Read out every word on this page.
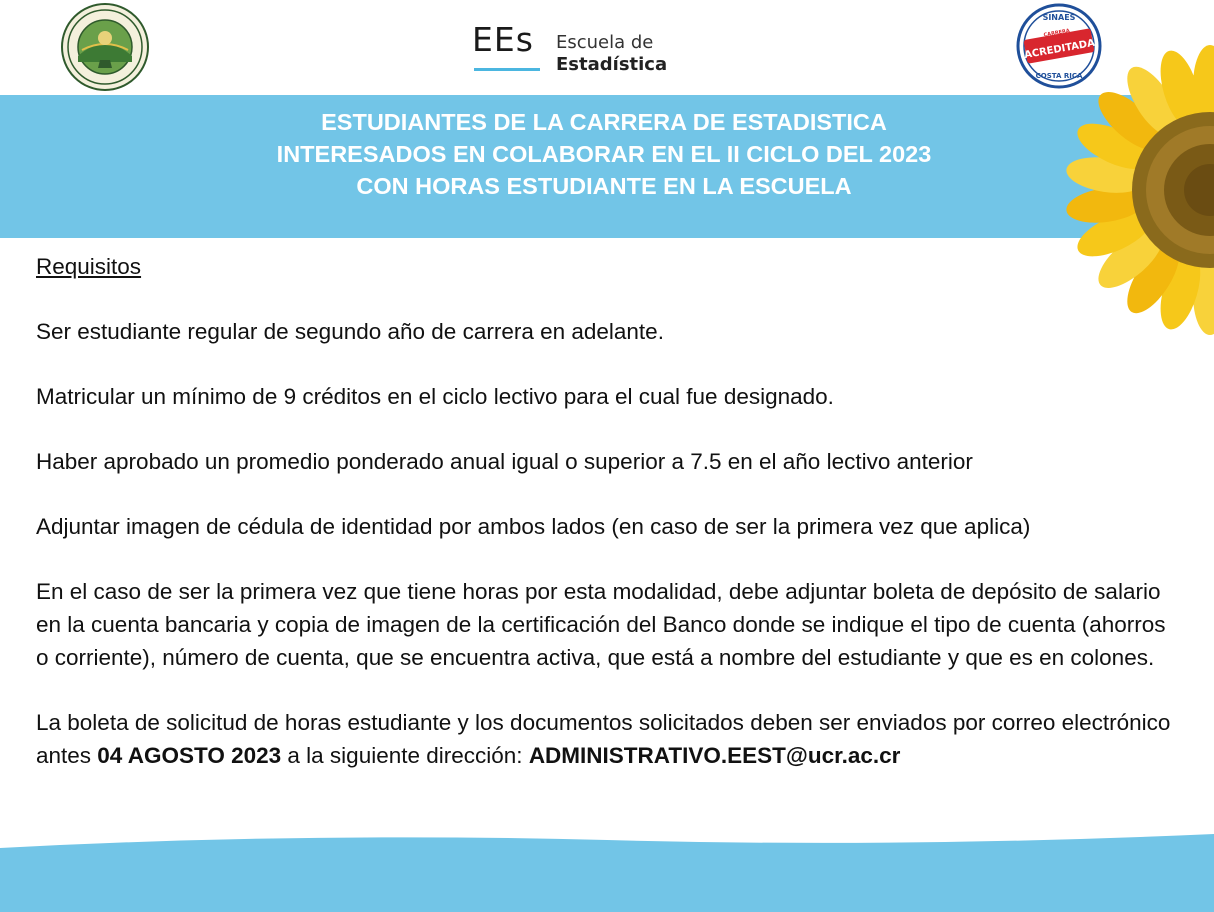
EEs Escuela de
Estadística
SINAES
CARRERA
ACREDITADA
COSTA RICA
ESTUDIANTES DE LA CARRERA DE ESTADISTICA
INTERESADOS EN COLABORAR EN EL II CICLO DEL 2023
CON HORAS ESTUDIANTE EN LA ESCUELA

Requisitos

Ser estudiante regular de segundo año de carrera en adelante.

Matricular un mínimo de 9 créditos en el ciclo lectivo para el cual fue designado.

Haber aprobado un promedio ponderado anual igual o superior a 7.5 en el año lectivo anterior

Adjuntar imagen de cédula de identidad por ambos lados (en caso de ser la primera vez que aplica)

En el caso de ser la primera vez que tiene horas por esta modalidad, debe adjuntar boleta de depósito de salario en la cuenta bancaria y copia de imagen de la certificación del Banco donde se indique el tipo de cuenta (ahorros o corriente), número de cuenta, que se encuentra activa, que está a nombre del estudiante y que es en colones.

La boleta de solicitud de horas estudiante y los documentos solicitados deben ser enviados por correo electrónico antes 04 AGOSTO 2023 a la siguiente dirección: ADMINISTRATIVO.EEST@ucr.ac.cr
